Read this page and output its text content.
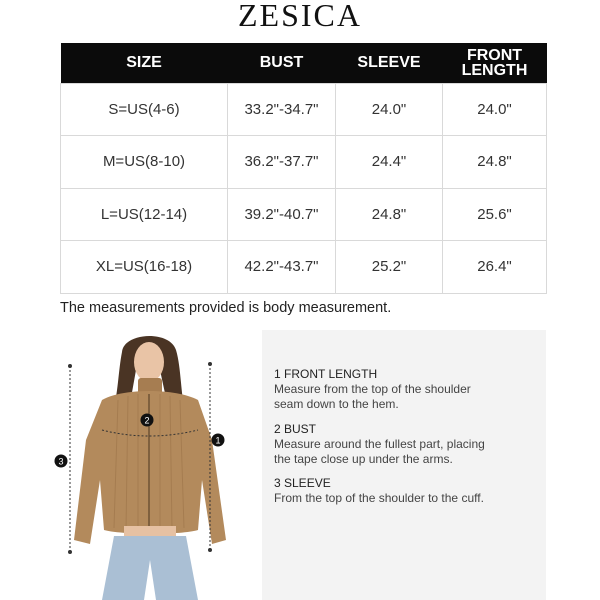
ZESICA
SIZE	BUST	SLEEVE	FRONT LENGTH
S=US(4-6)	33.2"-34.7"	24.0"	24.0"
M=US(8-10)	36.2"-37.7"	24.4"	24.8"
L=US(12-14)	39.2"-40.7"	24.8"	25.6"
XL=US(16-18)	42.2"-43.7"	25.2"	26.4"
The measurements provided is body measurement.
1
2
3
1 FRONT LENGTH
Measure from the top of the shoulder seam down to the hem.
2 BUST
Measure around the fullest part, placing the tape close up under the arms.
3 SLEEVE
From the top of the shoulder to the cuff.
